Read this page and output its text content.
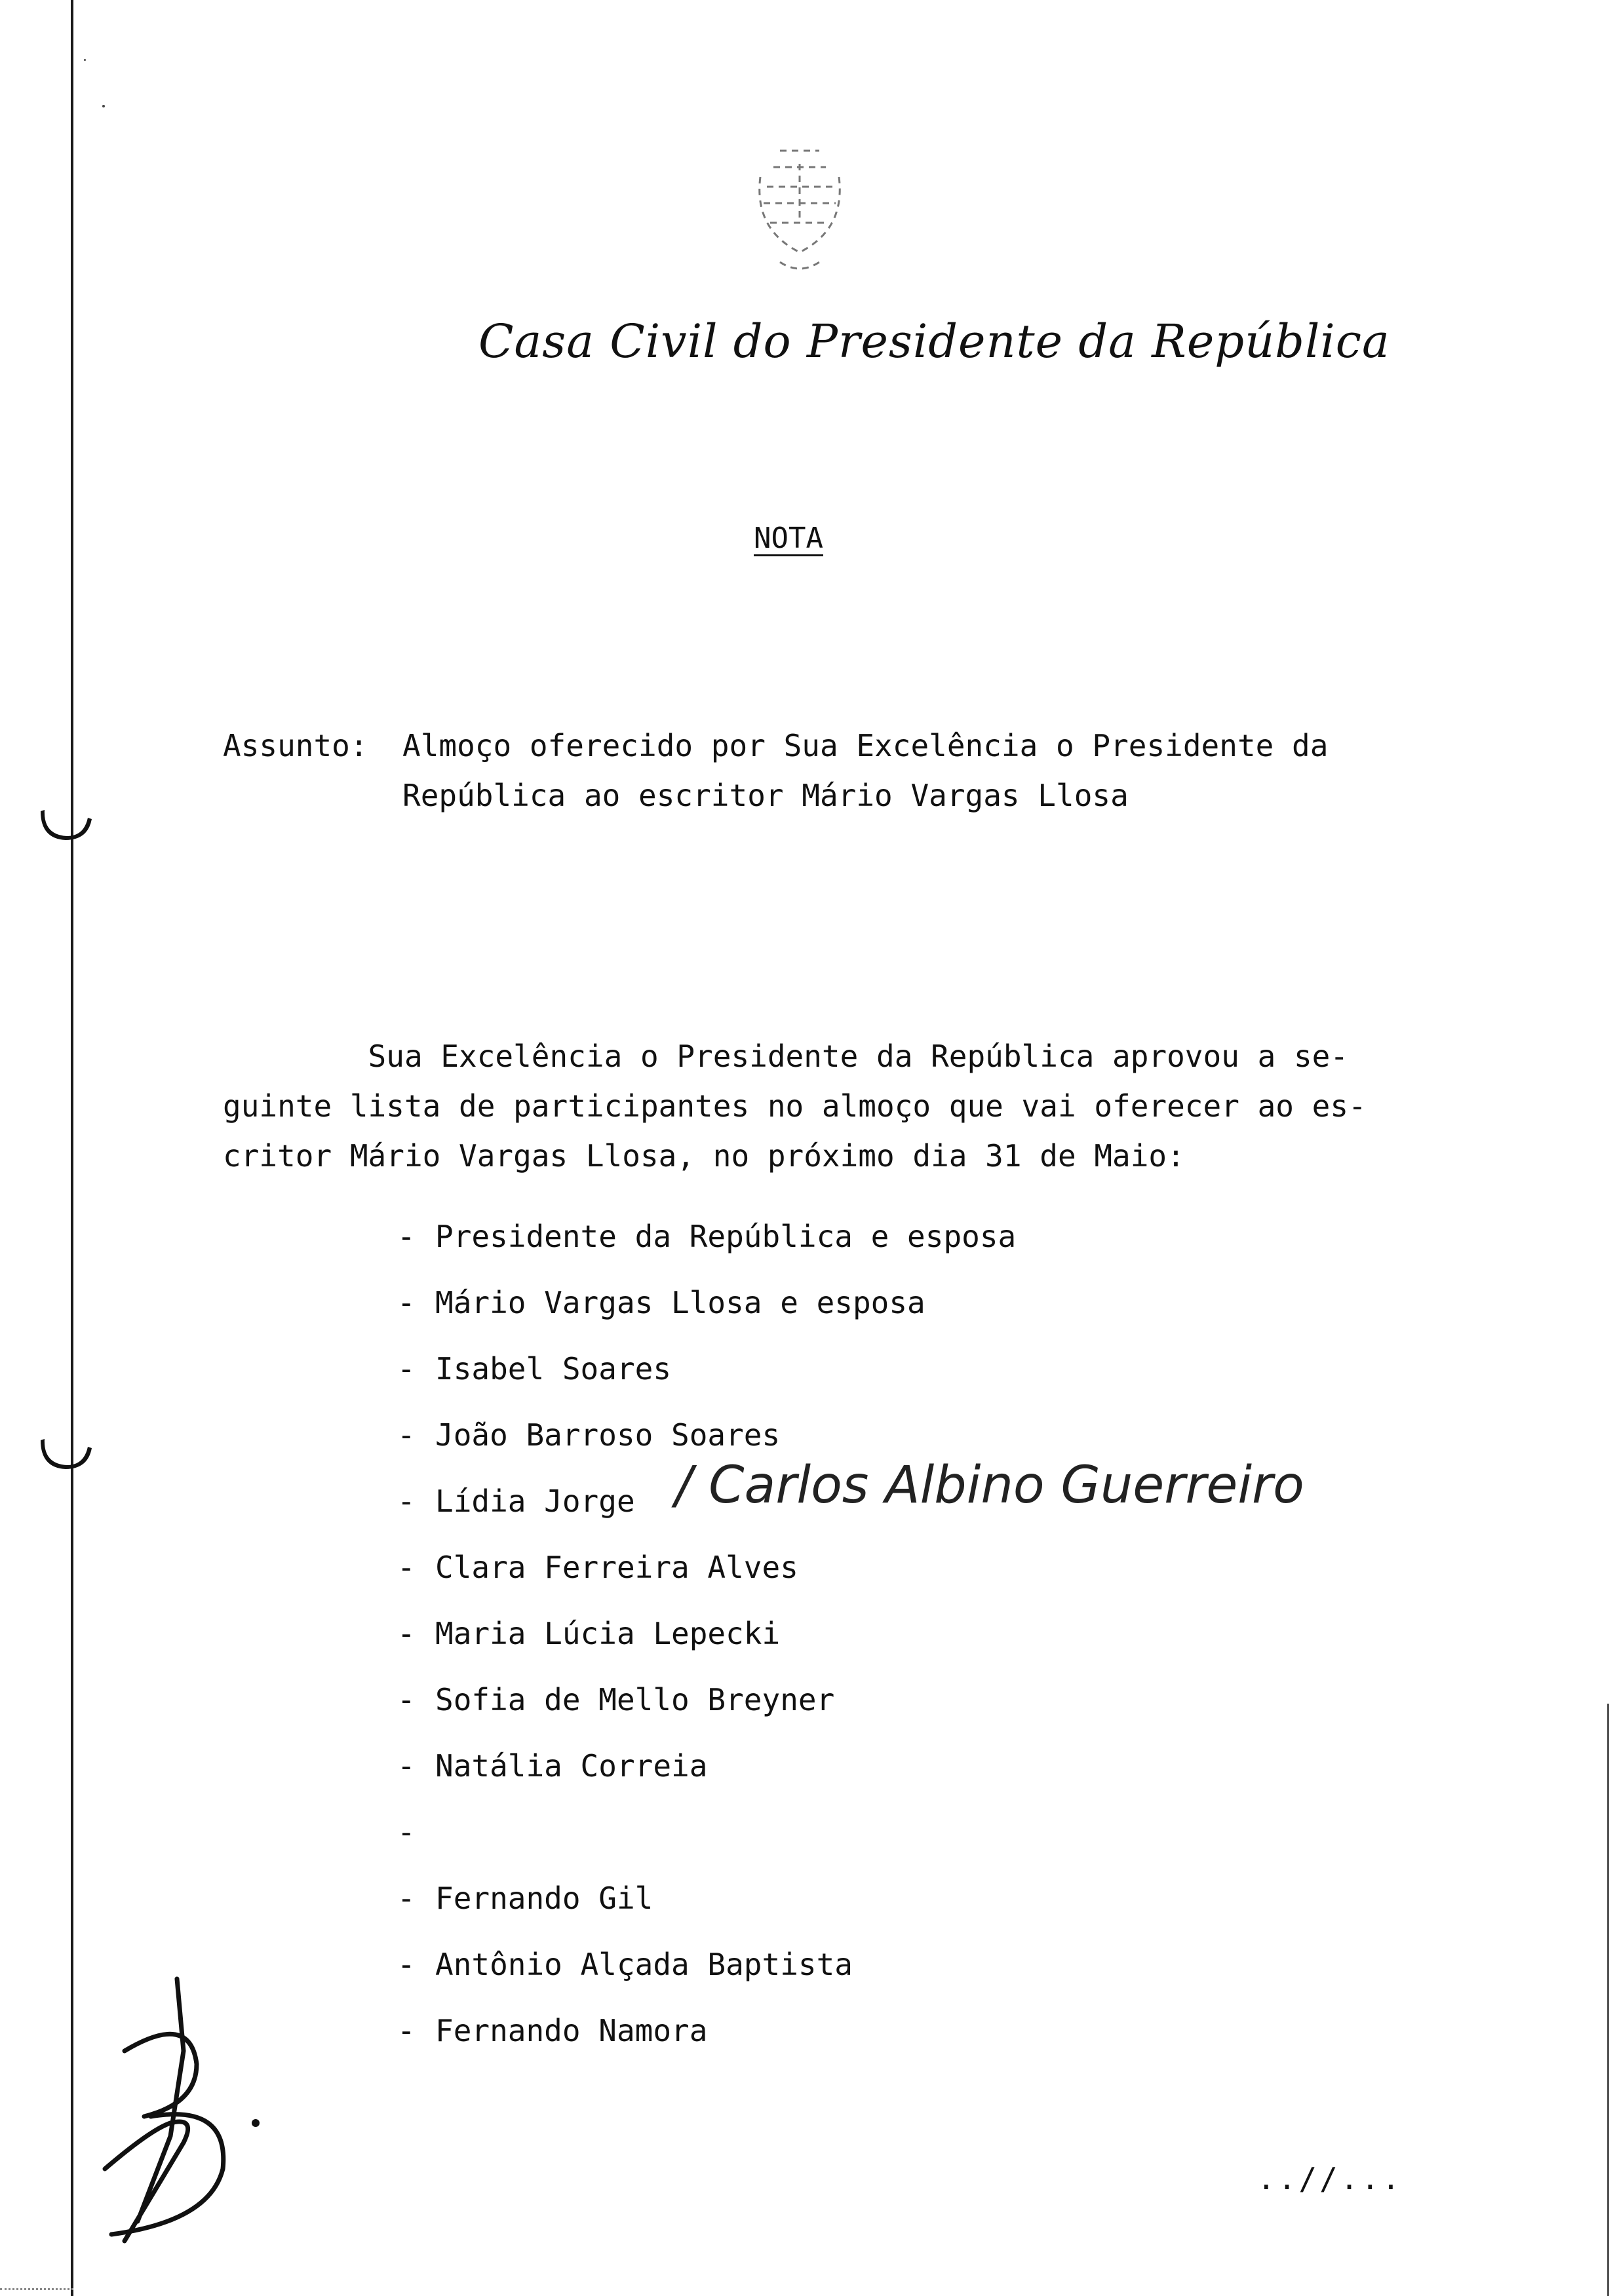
Casa Civil do Presidente da República
NOTA
Assunto: Almoço oferecido por Sua Excelência o Presidente da
República ao escritor Mário Vargas Llosa
Sua Excelência o Presidente da República aprovou a se-
guinte lista de participantes no almoço que vai oferecer ao es-
critor Mário Vargas Llosa, no próximo dia 31 de Maio:
- Presidente da República e esposa
- Mário Vargas Llosa e esposa
- Isabel Soares
- João Barroso Soares
- Lídia Jorge
- Clara Ferreira Alves
- Maria Lúcia Lepecki
- Sofia de Mello Breyner
- Natália Correia
-
- Fernando Gil
- Antônio Alçada Baptista
- Fernando Namora
/ Carlos Albino Guerreiro
..//...
